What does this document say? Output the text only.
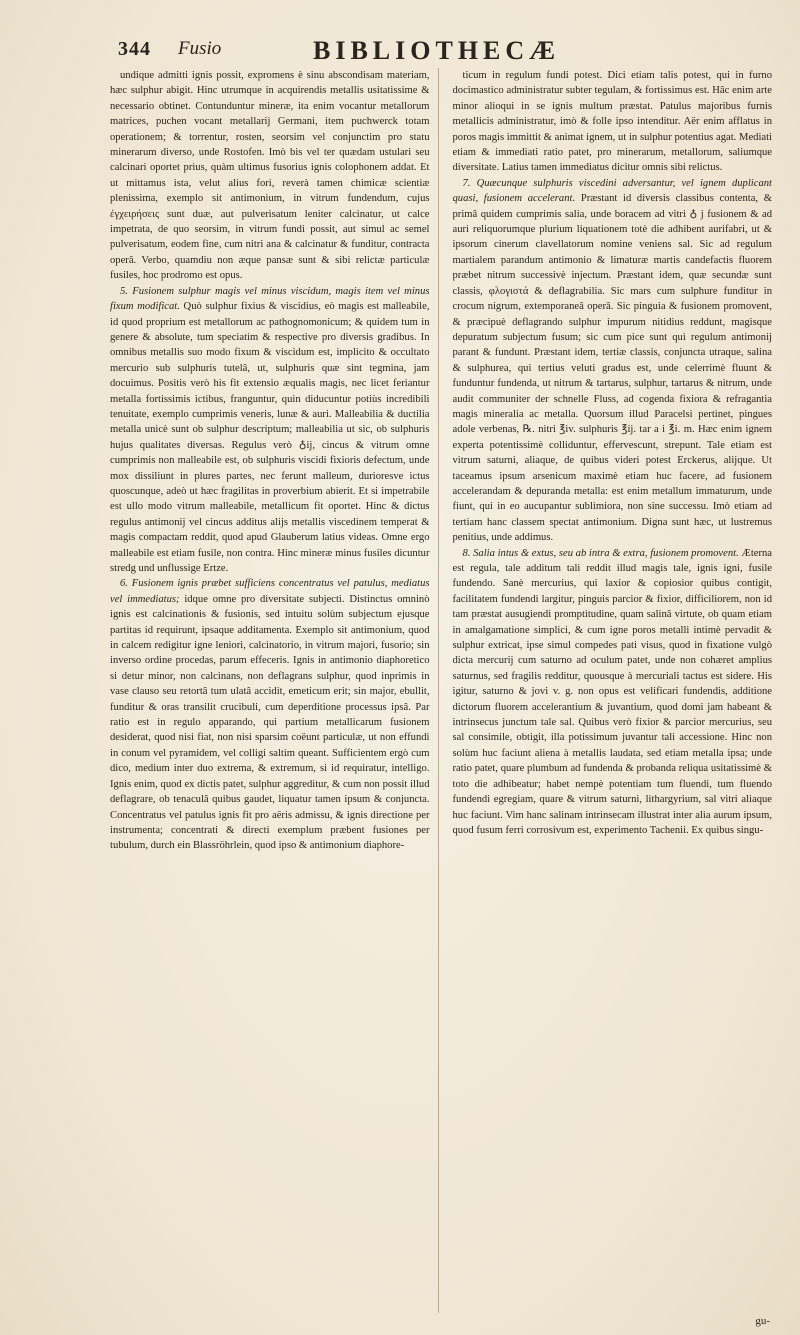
344 Fusio	BIBLIOTHECÆ

undique admitti ignis possit, expromens è sinu abscondisam materiam, hæc sulphur abigit. Hinc utrumque in acquirendis metallis usitatissime & necessario obtinet. Contunduntur mineræ, ita enim vocantur metallorum matrices, puchen vocant metallarij Germani, item puchwerck totam operationem; & torrentur, rosten, seorsim vel conjunctim pro statu minerarum diverso, unde Rostofen. Imò bis vel ter quædam ustulari seu calcinari oportet prius, quàm ultimus fusorius ignis colophonem addat. Et ut mittamus ista, velut alius fori, reverà tamen chimicæ scientiæ plenissima, exemplo sit antimonium, in vitrum fundendum, cujus ἐγχειρήσεις sunt duæ, aut pulverisatum leniter calcinatur, ut calce impetrata, de quo seorsim, in vitrum fundi possit, aut simul ac semel pulverisatum, eodem fine, cum nitri ana & calcinatur & funditur, contracta operâ. Verbo, quamdiu non æque pansæ sunt & sibi relictæ particulæ fusiles, hoc prodromo est opus.

5. Fusionem sulphur magis vel minus viscidum, magis item vel minus fixum modificat. Quò sulphur fixius & viscidius, eò magis est malleabile, id quod proprium est metallorum ac pathognomonicum; & quidem tum in genere & absolute, tum speciatim & respective pro diversis gradibus. In omnibus metallis suo modo fixum & viscidum est, implicito & occultato mercurio sub sulphuris tutelâ, ut, sulphuris quæ sint tegmina, jam docuimus. Positis verò his fit extensio æqualis magis, nec licet feriantur metalla fortissimis ictibus, franguntur, quin diducuntur potiùs incredibili tenuitate, exemplo cumprimis veneris, lunæ & auri. Malleabilia & ductilia metalla unicè sunt ob sulphur descriptum; malleabilia ut sic, ob sulphuris hujus qualitates diversas. Regulus verò ♁ij, cincus & vitrum omne cumprimis non malleabile est, ob sulphuris viscidi fixioris defectum, unde mox dissiliunt in plures partes, nec ferunt malleum, durioresve ictus quoscunque, adeò ut hæc fragilitas in proverbium abierit. Et si impetrabile est ullo modo vitrum malleabile, metallicum fit oportet. Hinc & dictus regulus antimonij vel cincus additus alijs metallis viscedinem temperat & magis compactam reddit, quod apud Glauberum latius videas. Omne ergo malleabile est etiam fusile, non contra. Hinc mineræ minus fusiles dicuntur stredg und unflussige Ertze.

6. Fusionem ignis præbet sufficiens concentratus vel patulus, mediatus vel immediatus; idque omne pro diversitate subjecti. Distinctus omninò ignis est calcinationis & fusionis, sed intuitu solùm subjectum ejusque partitas id requirunt, ipsaque additamenta. Exemplo sit antimonium, quod in calcem redigitur igne leniori, calcinatorio, in vitrum majori, fusorio; sin inverso ordine procedas, parum effeceris. Ignis in antimonio diaphoretico si detur minor, non calcinans, non deflagrans sulphur, quod inprimis in vase clauso seu retortâ tum ulatâ accidit, emeticum erit; sin major, ebullit, funditur & oras transilit crucibuli, cum deperditione processus ipsâ. Par ratio est in regulo apparando, qui partium metallicarum fusionem desiderat, quod nisi fiat, non nisi sparsim coëunt particulæ, ut non effundi in conum vel pyramidem, vel colligi saltim queant. Sufficientem ergò cum dico, medium inter duo extrema, & extremum, si id requiratur, intelligo. Ignis enim, quod ex dictis patet, sulphur aggreditur, & cum non possit illud deflagrare, ob tenaculâ quibus gaudet, liquatur tamen ipsum & conjuncta. Concentratus vel patulus ignis fit pro aëris admissu, & ignis directione per instrumenta; concentrati & directi exemplum præbent fusiones per tubulum, durch ein Blassröhrlein, quod ipso & antimonium diaphore-

ticum in regulum fundi potest. Dici etiam talis potest, qui in furno docimastico administratur subter tegulam, & fortissimus est. Hâc enim arte minor alioqui in se ignis multum præstat. Patulus majoribus furnis metallicis administratur, imò & folle ipso intenditur. Aër enim afflatus in poros magis immittit & animat ignem, ut in sulphur potentius agat. Mediati etiam & immediati ratio patet, pro minerarum, metallorum, saliumque diversitate. Latius tamen immediatus dicitur omnis sibi relictus.

7. Quæcunque sulphuris viscedini adversantur, vel ignem duplicant quasi, fusionem accelerant. Præstant id diversis classibus contenta, & primâ quidem cumprimis salia, unde boracem ad vitri ♁ j fusionem & ad auri reliquorumque plurium liquationem totè die adhibent aurifabri, ut & ipsorum cinerum clavellatorum nomine veniens sal. Sic ad regulum martialem parandum antimonio & limaturæ martis candefactis fluorem præbet nitrum successivè injectum. Præstant idem, quæ secundæ sunt classis, φλογιστά & deflagrabilia. Sic mars cum sulphure funditur in crocum nigrum, extemporaneâ operâ. Sic pinguia & fusionem promovent, & præcipuè deflagrando sulphur impurum nitidius reddunt, magisque depuratum subjectum fusum; sic cum pice sunt qui regulum antimonij parant & fundunt. Præstant idem, tertiæ classis, conjuncta utraque, salina & sulphurea, qui tertius veluti gradus est, unde celerrimè fluunt & funduntur fundenda, ut nitrum & tartarus, sulphur, tartarus & nitrum, unde audit communiter der schnelle Fluss, ad cogenda fixiora & refragantia magis mineralia ac metalla. Quorsum illud Paracelsi pertinet, pingues adole verbenas, ℞. nitri ℥iv. sulphuris ℥ij. tar a i ℥i. m. Hæc enim ignem experta potentissimè colliduntur, effervescunt, strepunt. Tale etiam est vitrum saturni, aliaque, de quibus videri potest Erckerus, alijque. Ut taceamus ipsum arsenicum maximè etiam huc facere, ad fusionem accelerandam & depuranda metalla: est enim metallum immaturum, unde fiunt, qui in eo aucupantur sublimiora, non sine successu. Imò etiam ad tertiam hanc classem spectat antimonium. Digna sunt hæc, ut lustremus penitius, unde addimus.

8. Salia intus & extus, seu ab intra & extra, fusionem promovent. Æterna est regula, tale additum tali reddit illud magis tale, ignis igni, fusile fundendo. Sanè mercurius, qui laxior & copiosior quibus contigit, facilitatem fundendi largitur, pinguis parcior & fixior, difficiliorem, non id tam præstat ausugiendi promptitudine, quam salinâ virtute, ob quam etiam in amalgamatione simplici, & cum igne poros metalli intimè pervadit & sulphur extricat, ipse simul compedes pati visus, quod in fixatione vulgò dicta mercurij cum saturno ad oculum patet, unde non cohæret amplius saturnus, sed fragilis redditur, quousque à mercuriali tactus est sidere. His igitur, saturno & jovi v. g. non opus est velificari fundendis, additione dictorum fluorem accelerantium & juvantium, quod domi jam habeant & intrinsecus junctum tale sal. Quibus verò fixior & parcior mercurius, seu sal consimile, obtigit, illa potissimum juvantur tali accessione. Hinc non solùm huc faciunt aliena à metallis laudata, sed etiam metalla ipsa; unde ratio patet, quare plumbum ad fundenda & probanda reliqua usitatissimè & toto die adhibeatur; habet nempè potentiam tum fluendi, tum fluendo fundendi egregiam, quare & vitrum saturni, lithargyrium, sal vitri aliaque huc faciunt. Vim hanc salinam intrinsecam illustrat inter alia aurum ipsum, quod fusum ferri corrosivum est, experimento Tachenii. Ex quibus singu-

gu-
